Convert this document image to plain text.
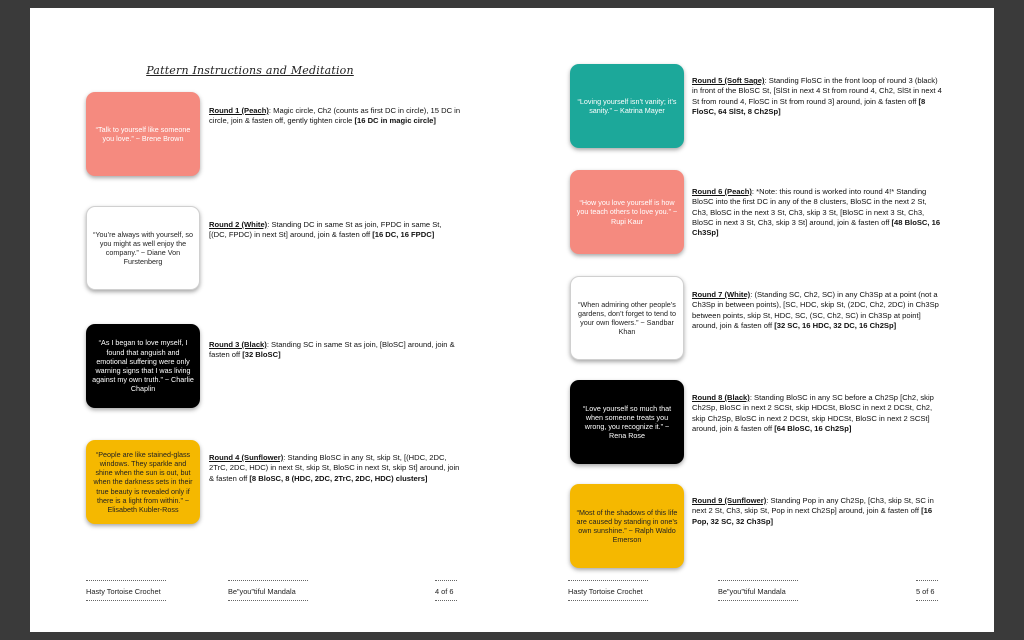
Pattern Instructions and Meditation
“Talk to yourself like someone you love.” ~ Brene Brown
Round 1 (Peach): Magic circle, Ch2 (counts as first DC in circle), 15 DC in circle, join & fasten off, gently tighten circle [16 DC in magic circle]
“You’re always with yourself, so you might as well enjoy the company.” ~ Diane Von Furstenberg
Round 2 (White): Standing DC in same St as join, FPDC in same St, [(DC, FPDC) in next St] around, join & fasten off [16 DC, 16 FPDC]
“As I began to love myself, I found that anguish and emotional suffering were only warning signs that I was living against my own truth.” ~ Charlie Chaplin
Round 3 (Black): Standing SC in same St as join, [BloSC] around, join & fasten off [32 BloSC]
“People are like stained-glass windows. They sparkle and shine when the sun is out, but when the darkness sets in their true beauty is revealed only if there is a light from within.” ~ Elisabeth Kubler-Ross
Round 4 (Sunflower): Standing BloSC in any St, skip St, [(HDC, 2DC, 2TrC, 2DC, HDC) in next St, skip St, BloSC in next St, skip St] around, join & fasten off [8 BloSC, 8 (HDC, 2DC, 2TrC, 2DC, HDC) clusters]
Hasty Tortoise Crochet	Be”you”tiful Mandala	4 of 6
“Loving yourself isn’t vanity; it’s sanity.” ~ Katrina Mayer
Round 5 (Soft Sage): Standing FloSC in the front loop of round 3 (black) in front of the BloSC St, [SlSt in next 4 St from round 4, Ch2, SlSt in next 4 St from round 4, FloSC in St from round 3] around, join & fasten off [8 FloSC, 64 SlSt, 8 Ch2Sp]
“How you love yourself is how you teach others to love you.” ~ Rupi Kaur
Round 6 (Peach): *Note: this round is worked into round 4!* Standing BloSC into the first DC in any of the 8 clusters, BloSC in the next 2 St, Ch3, BloSC in the next 3 St, Ch3, skip 3 St, [BloSC in next 3 St, Ch3, BloSC in next 3 St, Ch3, skip 3 St] around, join & fasten off [48 BloSC, 16 Ch3Sp]
“When admiring other people’s gardens, don’t forget to tend to your own flowers.” ~ Sandbar Khan
Round 7 (White): (Standing SC, Ch2, SC) in any Ch3Sp at a point (not a Ch3Sp in between points), [SC, HDC, skip St, (2DC, Ch2, 2DC) in Ch3Sp between points, skip St, HDC, SC, (SC, Ch2, SC) in Ch3Sp at point] around, join & fasten off [32 SC, 16 HDC, 32 DC, 16 Ch2Sp]
“Love yourself so much that when someone treats you wrong, you recognize it.” ~ Rena Rose
Round 8 (Black): Standing BloSC in any SC before a Ch2Sp [Ch2, skip Ch2Sp, BloSC in next 2 SCSt, skip HDCSt, BloSC in next 2 DCSt, Ch2, skip Ch2Sp, BloSC in next 2 DCSt, skip HDCSt, BloSC in next 2 SCSt] around, join & fasten off [64 BloSC, 16 Ch2Sp]
“Most of the shadows of this life are caused by standing in one’s own sunshine.” ~ Ralph Waldo Emerson
Round 9 (Sunflower): Standing Pop in any Ch2Sp, [Ch3, skip St, SC in next 2 St, Ch3, skip St, Pop in next Ch2Sp] around, join & fasten off [16 Pop, 32 SC, 32 Ch3Sp]
Hasty Tortoise Crochet	Be”you”tiful Mandala	5 of 6
